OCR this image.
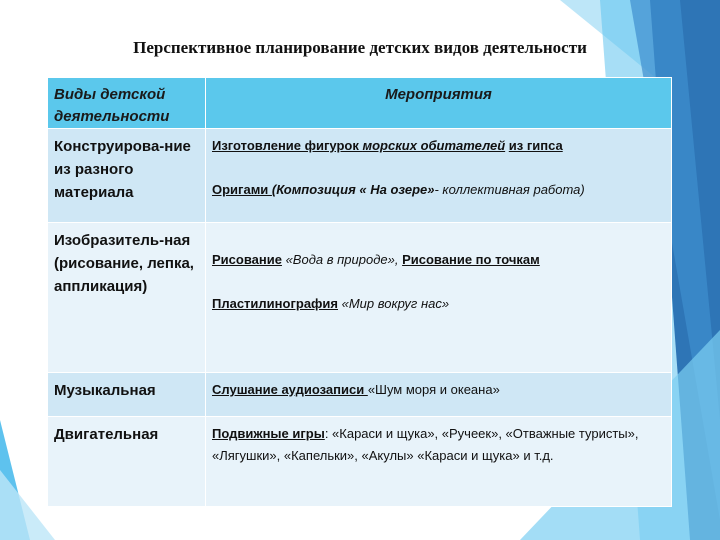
Перспективное планирование детских видов деятельности
Виды детской деятельности	Мероприятия
Конструирова-ние из разного материала	Изготовление фигурок морских обитателей из гипса
Оригами (Композиция « На озере»- коллективная работа)

Изобразитель-ная (рисование, лепка, аппликация)	Рисование «Вода в природе», Рисование по точкам
Пластилинография «Мир вокруг нас»

Музыкальная	Слушание аудиозаписи «Шум моря и океана»
Двигательная	Подвижные игры: «Караси и щука», «Ручеек», «Отважные туристы», «Лягушки», «Капельки», «Акулы» «Караси и щука» и т.д.
